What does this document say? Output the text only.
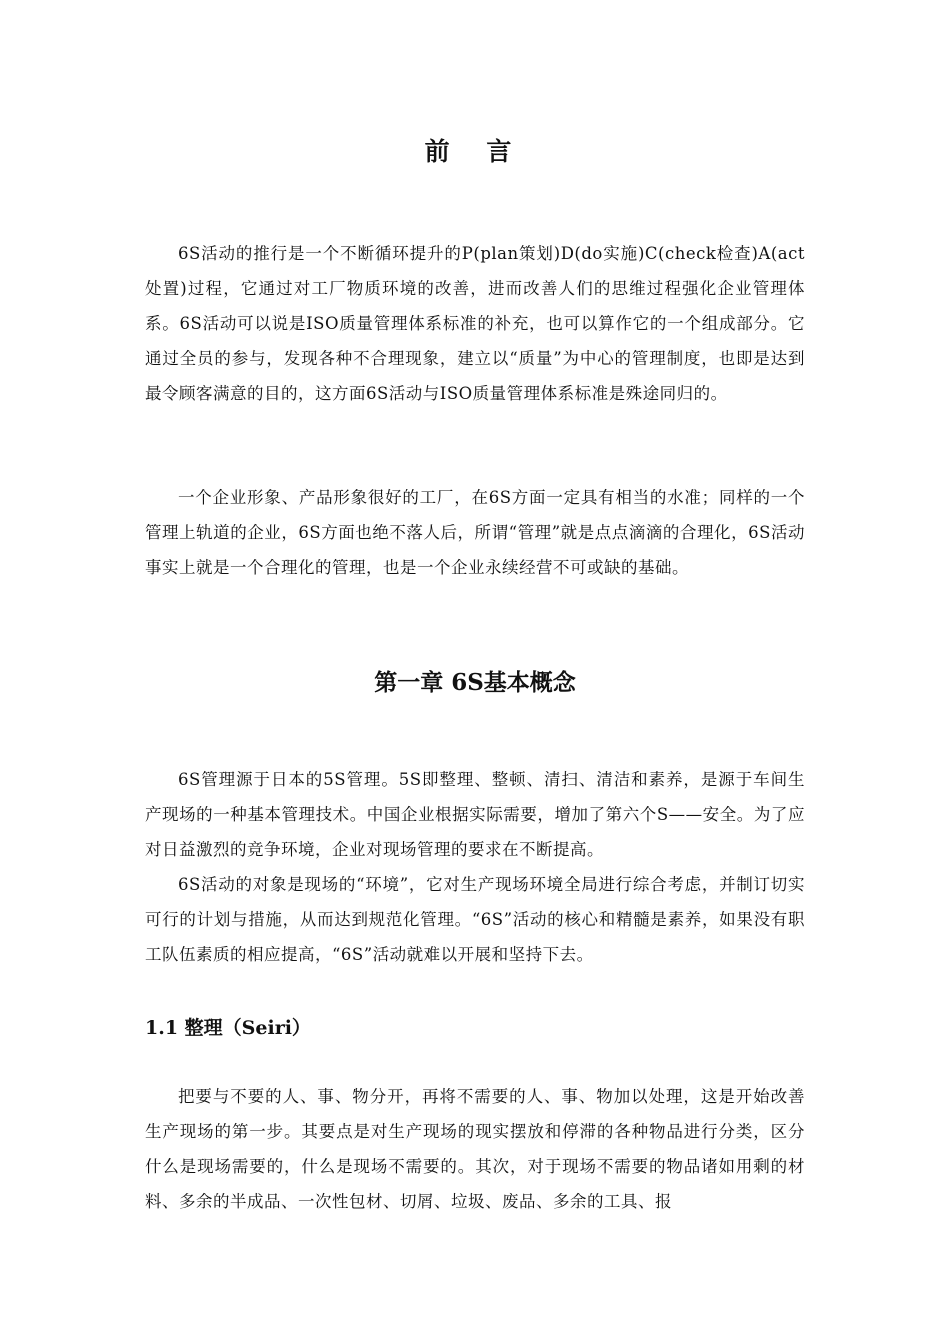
前 言
6S活动的推行是一个不断循环提升的P(plan策划)D(do实施)C(check检查)A(act 处置)过程，它通过对工厂物质环境的改善，进而改善人们的思维过程强化企业管理体系。6S活动可以说是ISO质量管理体系标准的补充，也可以算作它的一个组成部分。它通过全员的参与，发现各种不合理现象，建立以“质量”为中心的管理制度，也即是达到最令顾客满意的目的，这方面6S活动与ISO质量管理体系标准是殊途同归的。
一个企业形象、产品形象很好的工厂，在6S方面一定具有相当的水准；同样的一个管理上轨道的企业，6S方面也绝不落人后，所谓“管理”就是点点滴滴的合理化，6S活动事实上就是一个合理化的管理，也是一个企业永续经营不可或缺的基础。
第一章 6S基本概念
6S管理源于日本的5S管理。5S即整理、整顿、清扫、清洁和素养，是源于车间生产现场的一种基本管理技术。中国企业根据实际需要，增加了第六个S——安全。为了应对日益激烈的竞争环境，企业对现场管理的要求在不断提高。
6S活动的对象是现场的“环境”，它对生产现场环境全局进行综合考虑，并制订切实可行的计划与措施，从而达到规范化管理。“6S”活动的核心和精髓是素养，如果没有职工队伍素质的相应提高，“6S”活动就难以开展和坚持下去。
1.1 整理（Seiri）
把要与不要的人、事、物分开，再将不需要的人、事、物加以处理，这是开始改善生产现场的第一步。其要点是对生产现场的现实摆放和停滞的各种物品进行分类，区分什么是现场需要的，什么是现场不需要的。其次，对于现场不需要的物品诸如用剩的材料、多余的半成品、一次性包材、切屑、垃圾、废品、多余的工具、报
